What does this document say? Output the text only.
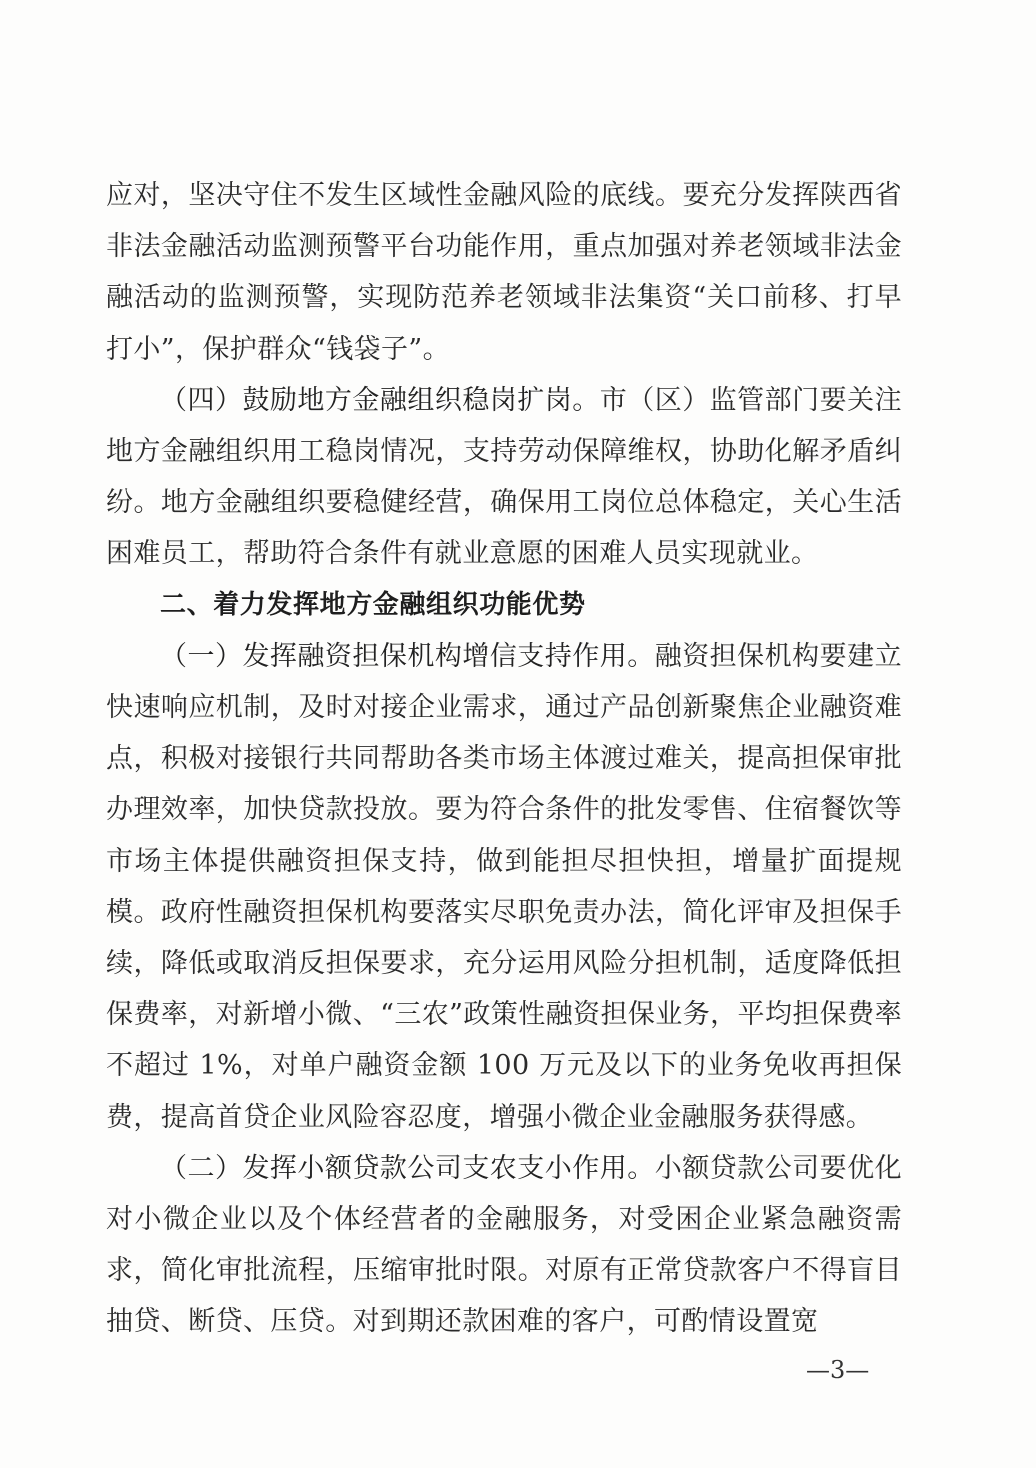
应对，坚决守住不发生区域性金融风险的底线。要充分发挥陕西省非法金融活动监测预警平台功能作用，重点加强对养老领域非法金融活动的监测预警，实现防范养老领域非法集资“关口前移、打早打小”，保护群众“钱袋子”。

（四）鼓励地方金融组织稳岗扩岗。市（区）监管部门要关注地方金融组织用工稳岗情况，支持劳动保障维权，协助化解矛盾纠纷。地方金融组织要稳健经营，确保用工岗位总体稳定，关心生活困难员工，帮助符合条件有就业意愿的困难人员实现就业。

二、着力发挥地方金融组织功能优势

（一）发挥融资担保机构增信支持作用。融资担保机构要建立快速响应机制，及时对接企业需求，通过产品创新聚焦企业融资难点，积极对接银行共同帮助各类市场主体渡过难关，提高担保审批办理效率，加快贷款投放。要为符合条件的批发零售、住宿餐饮等市场主体提供融资担保支持，做到能担尽担快担，增量扩面提规模。政府性融资担保机构要落实尽职免责办法，简化评审及担保手续，降低或取消反担保要求，充分运用风险分担机制，适度降低担保费率，对新增小微、“三农”政策性融资担保业务，平均担保费率不超过 1%，对单户融资金额 100 万元及以下的业务免收再担保费，提高首贷企业风险容忍度，增强小微企业金融服务获得感。

（二）发挥小额贷款公司支农支小作用。小额贷款公司要优化对小微企业以及个体经营者的金融服务，对受困企业紧急融资需求，简化审批流程，压缩审批时限。对原有正常贷款客户不得盲目抽贷、断贷、压贷。对到期还款困难的客户，可酌情设置宽

—3—
